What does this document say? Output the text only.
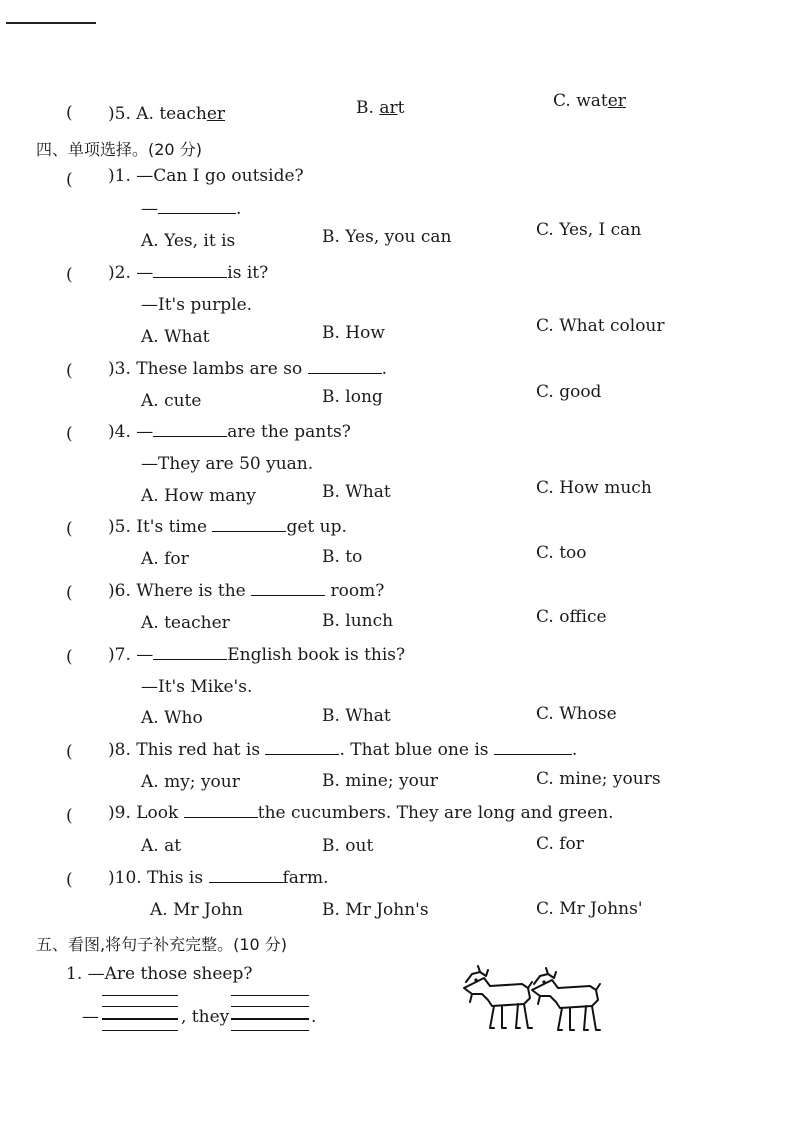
( )5. A. teacher	B. art	C. water
四、单项选择。(20 分)
( )1. —Can I go outside?
—	.
A. Yes, it is	B. Yes, you can	C. Yes, I can
( )2. —	is it?
—It's purple.
A. What	B. How	C. What colour
( )3. These lambs are so	.
A. cute	B. long	C. good
( )4. —	are the pants?
—They are 50 yuan.
A. How many	B. What	C. How much
( )5. It's time	get up.
A. for	B. to	C. too
( )6. Where is the	room?
A. teacher	B. lunch	C. office
( )7. —	English book is this?
—It's Mike's.
A. Who	B. What	C. Whose
( )8. This red hat is	. That blue one is	.
A. my; your	B. mine; your	C. mine; yours
( )9. Look	the cucumbers. They are long and green.
A. at	B. out	C. for
( )10. This is	farm.
A. Mr John	B. Mr John's	C. Mr Johns'
五、看图,将句子补充完整。(10 分)
1. —Are those sheep?
—	, they	.
